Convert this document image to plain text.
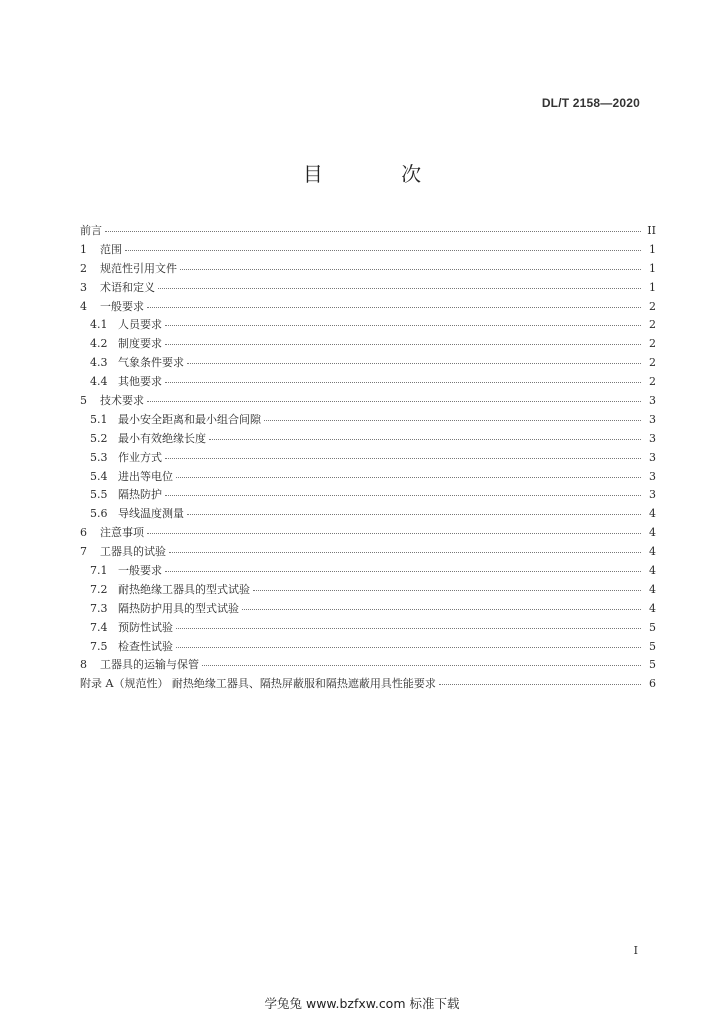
DL/T 2158—2020
目 次
前言	II
1	范围	1
2	规范性引用文件	1
3	术语和定义	1
4	一般要求	2
4.1 人员要求	2
4.2 制度要求	2
4.3 气象条件要求	2
4.4 其他要求	2
5	技术要求	3
5.1 最小安全距离和最小组合间隙	3
5.2 最小有效绝缘长度	3
5.3 作业方式	3
5.4 进出等电位	3
5.5 隔热防护	3
5.6 导线温度测量	4
6	注意事项	4
7	工器具的试验	4
7.1 一般要求	4
7.2 耐热绝缘工器具的型式试验	4
7.3 隔热防护用具的型式试验	4
7.4 预防性试验	5
7.5 检查性试验	5
8	工器具的运输与保管	5
附录 A（规范性） 耐热绝缘工器具、隔热屏蔽服和隔热遮蔽用具性能要求	6
I
学兔兔 www.bzfxw.com 标准下载
